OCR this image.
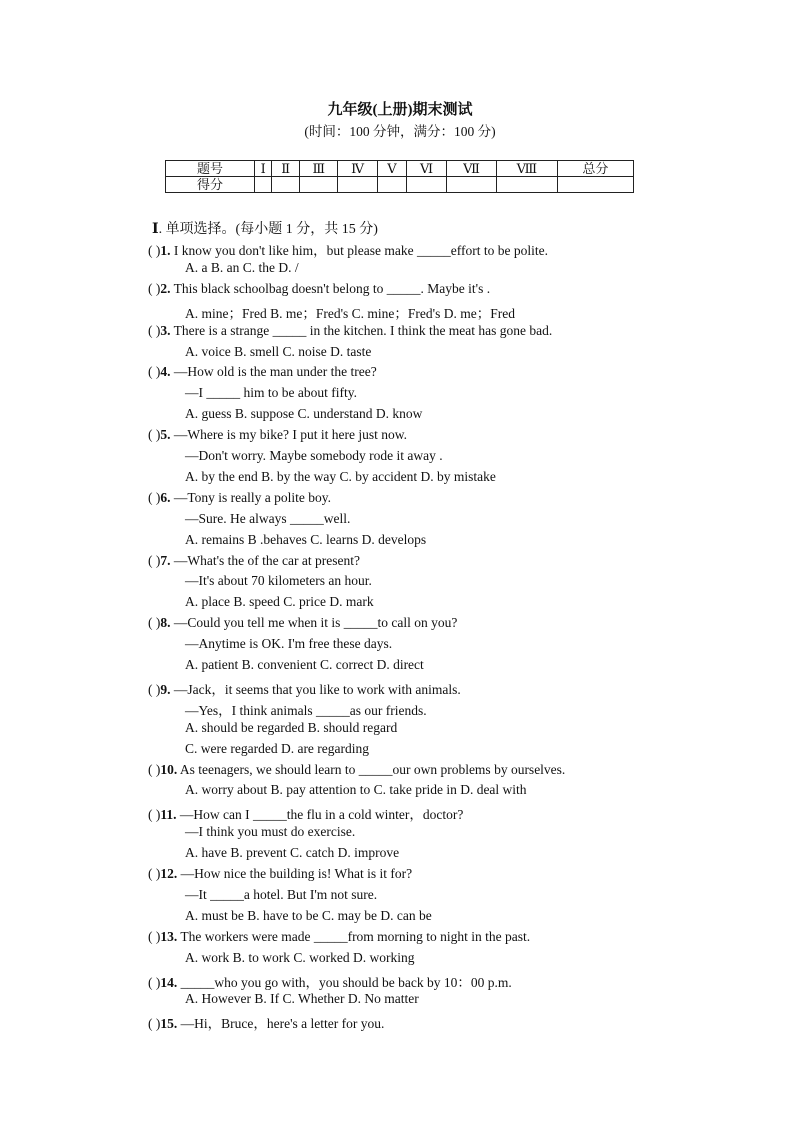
九年级(上册)期末测试
(时间：100 分钟，满分：100 分)
题号	Ⅰ	Ⅱ	Ⅲ	Ⅳ	Ⅴ	Ⅵ	Ⅶ	Ⅷ	总分
得分									
Ⅰ. 单项选择。(每小题 1 分，共 15 分)
( )1. I know you don't like him，but please make _____effort to be polite.
A. a B. an C. the D. /
( )2. This black schoolbag doesn't belong to _____. Maybe it's .
A. mine；Fred B. me；Fred's C. mine；Fred's D. me；Fred
( )3. There is a strange _____ in the kitchen. I think the meat has gone bad.
A. voice B. smell C. noise D. taste
( )4. —How old is the man under the tree?
—I _____ him to be about fifty.
A. guess B. suppose C. understand D. know
( )5. —Where is my bike? I put it here just now.
—Don't worry. Maybe somebody rode it away .
A. by the end B. by the way C. by accident D. by mistake
( )6. —Tony is really a polite boy.
—Sure. He always _____well.
A. remains B .behaves C. learns D. develops
( )7. —What's the of the car at present?
—It's about 70 kilometers an hour.
A. place B. speed C. price D. mark
( )8. —Could you tell me when it is _____to call on you?
—Anytime is OK. I'm free these days.
A. patient B. convenient C. correct D. direct
( )9. —Jack，it seems that you like to work with animals.
—Yes，I think animals _____as our friends.
A. should be regarded B. should regard
C. were regarded D. are regarding
( )10. As teenagers, we should learn to _____our own problems by ourselves.
A. worry about B. pay attention to C. take pride in D. deal with
( )11. —How can I _____the flu in a cold winter，doctor?
—I think you must do exercise.
A. have B. prevent C. catch D. improve
( )12. —How nice the building is! What is it for?
—It _____a hotel. But I'm not sure.
A. must be B. have to be C. may be D. can be
( )13. The workers were made _____from morning to night in the past.
A. work B. to work C. worked D. working
( )14. _____who you go with，you should be back by 10：00 p.m.
A. However B. If C. Whether D. No matter
( )15. —Hi，Bruce，here's a letter for you.
